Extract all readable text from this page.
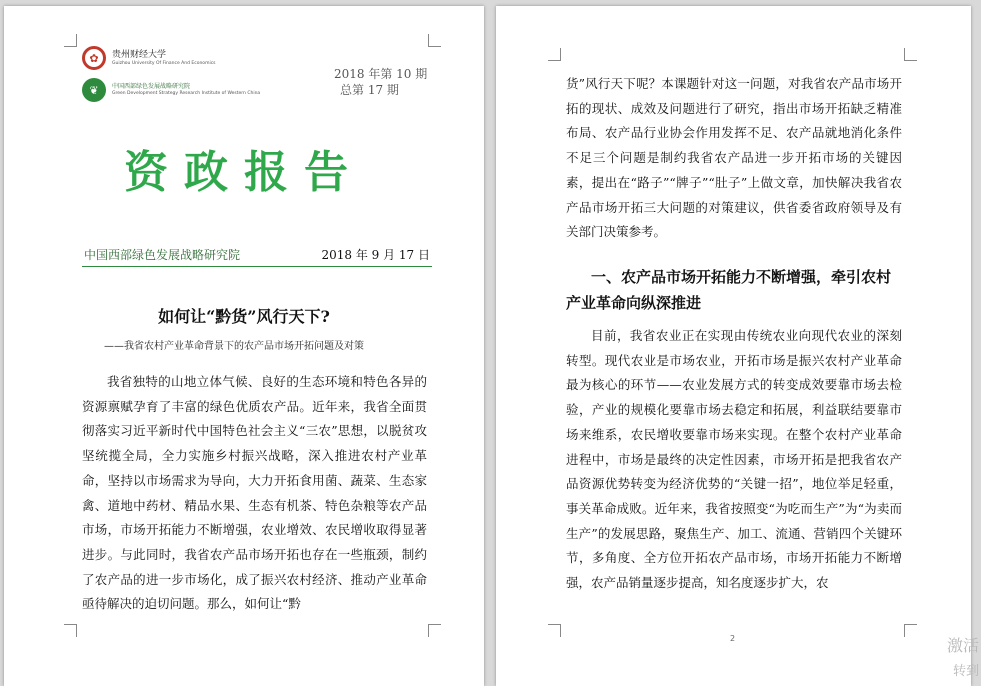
✿	贵州财经大学
Guizhou University Of Finance And Economics
❦	中国西部绿色发展战略研究院
Green Development Strategy Research Institute of Western China
2018 年第 10 期
总第 17 期
资政报告
中国西部绿色发展战略研究院	2018 年 9 月 17 日
如何让“黔货”风行天下?
——我省农村产业革命背景下的农产品市场开拓问题及对策
我省独特的山地立体气候、良好的生态环境和特色各异的资源禀赋孕育了丰富的绿色优质农产品。近年来，我省全面贯彻落实习近平新时代中国特色社会主义“三农”思想，以脱贫攻坚统揽全局，全力实施乡村振兴战略，深入推进农村产业革命，坚持以市场需求为导向，大力开拓食用菌、蔬菜、生态家禽、道地中药材、精品水果、生态有机茶、特色杂粮等农产品市场，市场开拓能力不断增强，农业增效、农民增收取得显著进步。与此同时，我省农产品市场开拓也存在一些瓶颈，制约了农产品的进一步市场化，成了振兴农村经济、推动产业革命亟待解决的迫切问题。那么，如何让“黔
货”风行天下呢？本课题针对这一问题，对我省农产品市场开拓的现状、成效及问题进行了研究，指出市场开拓缺乏精准布局、农产品行业协会作用发挥不足、农产品就地消化条件不足三个问题是制约我省农产品进一步开拓市场的关键因素，提出在“路子”“牌子”“肚子”上做文章，加快解决我省农产品市场开拓三大问题的对策建议，供省委省政府领导及有关部门决策参考。
一、农产品市场开拓能力不断增强，牵引农村产业革命向纵深推进
目前，我省农业正在实现由传统农业向现代农业的深刻转型。现代农业是市场农业，开拓市场是振兴农村产业革命最为核心的环节——农业发展方式的转变成效要靠市场去检验，产业的规模化要靠市场去稳定和拓展，利益联结要靠市场来维系，农民增收要靠市场来实现。在整个农村产业革命进程中，市场是最终的决定性因素，市场开拓是把我省农产品资源优势转变为经济优势的“关键一招”，地位举足轻重，事关革命成败。近年来，我省按照变“为吃而生产”为“为卖而生产”的发展思路，聚焦生产、加工、流通、营销四个关键环节，多角度、全方位开拓农产品市场，市场开拓能力不断增强，农产品销量逐步提高，知名度逐步扩大，农
2	激活
转到
